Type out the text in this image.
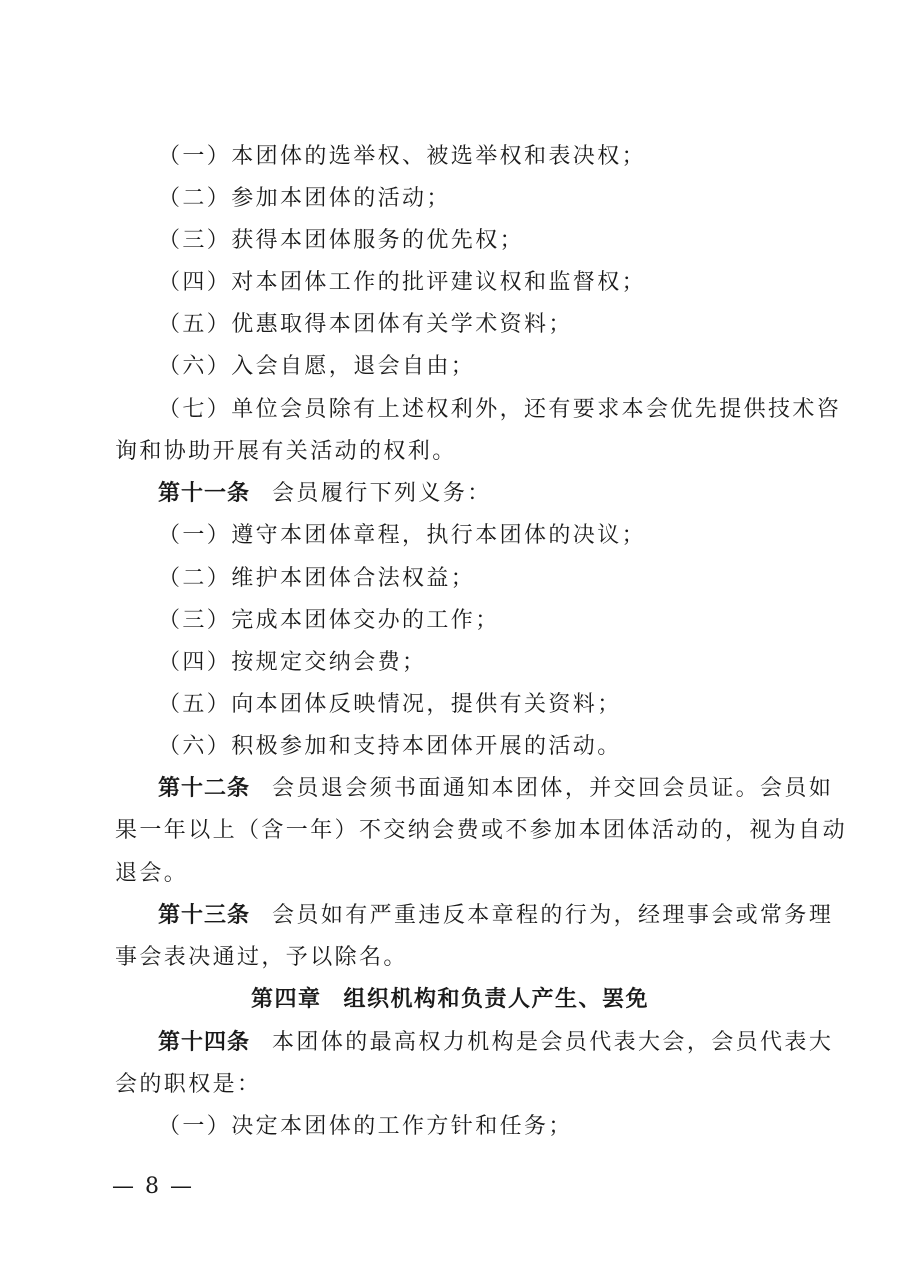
（一）本团体的选举权、被选举权和表决权；
（二）参加本团体的活动；
（三）获得本团体服务的优先权；
（四）对本团体工作的批评建议权和监督权；
（五）优惠取得本团体有关学术资料；
（六）入会自愿，退会自由；
（七）单位会员除有上述权利外，还有要求本会优先提供技术咨
询和协助开展有关活动的权利。
第十一条 会员履行下列义务：
（一）遵守本团体章程，执行本团体的决议；
（二）维护本团体合法权益；
（三）完成本团体交办的工作；
（四）按规定交纳会费；
（五）向本团体反映情况，提供有关资料；
（六）积极参加和支持本团体开展的活动。
第十二条 会员退会须书面通知本团体，并交回会员证。会员如
果一年以上（含一年）不交纳会费或不参加本团体活动的，视为自动
退会。
第十三条 会员如有严重违反本章程的行为，经理事会或常务理
事会表决通过，予以除名。
第四章 组织机构和负责人产生、罢免
第十四条 本团体的最高权力机构是会员代表大会，会员代表大
会的职权是：
（一）决定本团体的工作方针和任务；
— 8 —
